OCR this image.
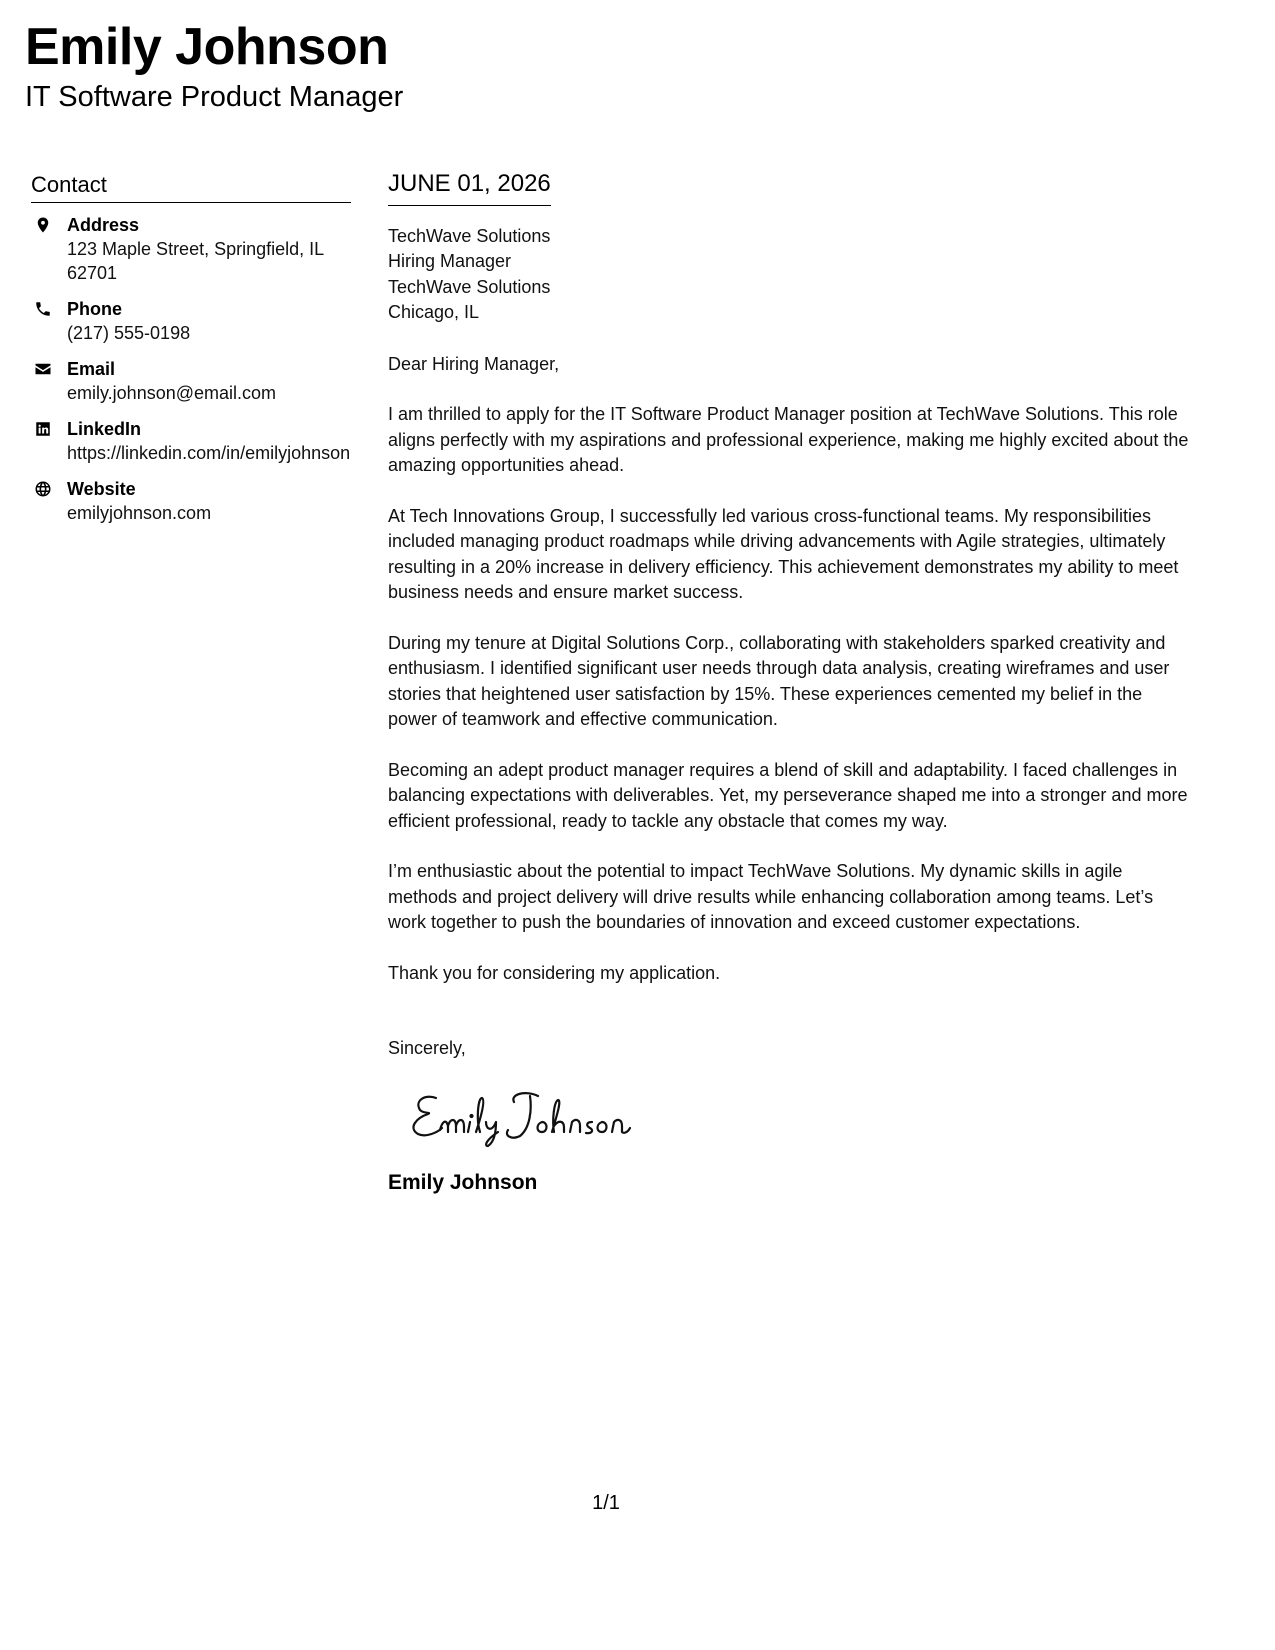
Emily Johnson
IT Software Product Manager
Contact
Address
123 Maple Street, Springfield, IL 62701
Phone
(217) 555-0198
Email
emily.johnson@email.com
LinkedIn
https://linkedin.com/in/emilyjohnson
Website
emilyjohnson.com
JUNE 01, 2026
TechWave Solutions
Hiring Manager
TechWave Solutions
Chicago, IL

Dear Hiring Manager,

I am thrilled to apply for the IT Software Product Manager position at TechWave Solutions. This role aligns perfectly with my aspirations and professional experience, making me highly excited about the amazing opportunities ahead.

At Tech Innovations Group, I successfully led various cross-functional teams. My responsibilities included managing product roadmaps while driving advancements with Agile strategies, ultimately resulting in a 20% increase in delivery efficiency. This achievement demonstrates my ability to meet business needs and ensure market success.

During my tenure at Digital Solutions Corp., collaborating with stakeholders sparked creativity and enthusiasm. I identified significant user needs through data analysis, creating wireframes and user stories that heightened user satisfaction by 15%. These experiences cemented my belief in the power of teamwork and effective communication.

Becoming an adept product manager requires a blend of skill and adaptability. I faced challenges in balancing expectations with deliverables. Yet, my perseverance shaped me into a stronger and more efficient professional, ready to tackle any obstacle that comes my way.

I’m enthusiastic about the potential to impact TechWave Solutions. My dynamic skills in agile methods and project delivery will drive results while enhancing collaboration among teams. Let’s work together to push the boundaries of innovation and exceed customer expectations.

Thank you for considering my application.

Sincerely,

Emily Johnson
1/1
